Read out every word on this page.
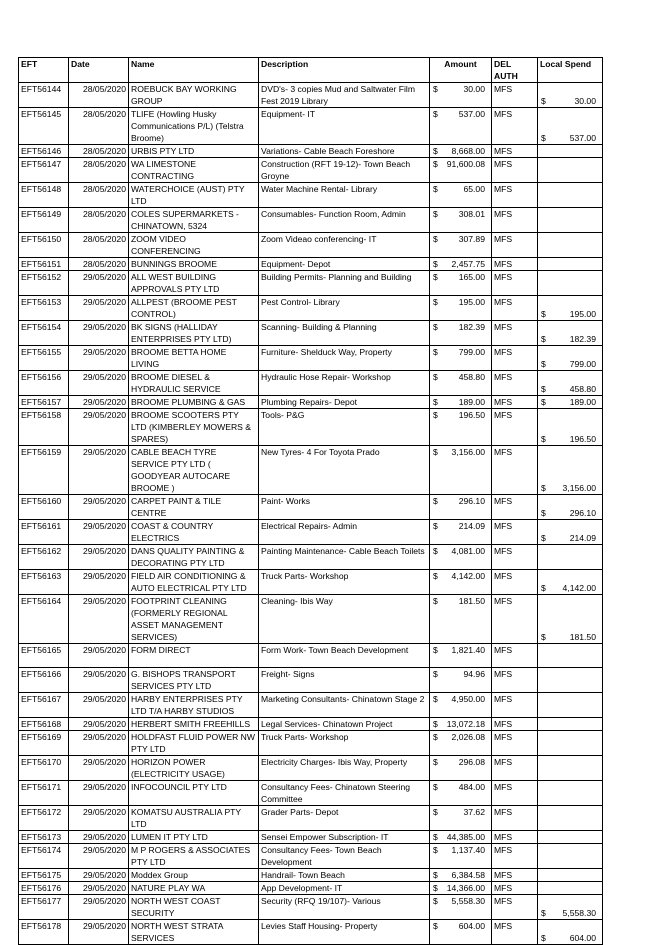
EFT	Date	Name	Description	Amount	DEL AUTH	Local Spend
EFT56144	28/05/2020	ROEBUCK BAY WORKING GROUP	DVD's- 3 copies Mud and Saltwater Film Fest 2019 Library	$ 30.00	MFS	$ 30.00

EFT56145	28/05/2020	TLIFE (Howling Husky Communications P/L) (Telstra Broome)	Equipment- IT	$ 537.00	MFS	$ 537.00

EFT56146	28/05/2020	URBIS PTY LTD	Variations- Cable Beach Foreshore	$ 8,668.00	MFS	
EFT56147	28/05/2020	WA LIMESTONE CONTRACTING	Construction (RFT 19-12)- Town Beach Groyne	$ 91,600.08	MFS	
EFT56148	28/05/2020	WATERCHOICE (AUST) PTY LTD	Water Machine Rental- Library	$ 65.00	MFS	
EFT56149	28/05/2020	COLES SUPERMARKETS - CHINATOWN, 5324	Consumables- Function Room, Admin	$ 308.01	MFS	
EFT56150	28/05/2020	ZOOM VIDEO CONFERENCING	Zoom Videao conferencing- IT	$ 307.89	MFS	
EFT56151	28/05/2020	BUNNINGS BROOME	Equipment- Depot	$ 2,457.75	MFS	
EFT56152	29/05/2020	ALL WEST BUILDING APPROVALS PTY LTD	Building Permits- Planning and Building	$ 165.00	MFS	
EFT56153	29/05/2020	ALLPEST (BROOME PEST CONTROL)	Pest Control- Library	$ 195.00	MFS	$ 195.00

EFT56154	29/05/2020	BK SIGNS (HALLIDAY ENTERPRISES PTY LTD)	Scanning- Building & Planning	$ 182.39	MFS	$ 182.39

EFT56155	29/05/2020	BROOME BETTA HOME LIVING	Furniture- Shelduck Way, Property	$ 799.00	MFS	$ 799.00

EFT56156	29/05/2020	BROOME DIESEL & HYDRAULIC SERVICE	Hydraulic Hose Repair- Workshop	$ 458.80	MFS	$ 458.80

EFT56157	29/05/2020	BROOME PLUMBING & GAS	Plumbing Repairs- Depot	$ 189.00	MFS	$ 189.00

EFT56158	29/05/2020	BROOME SCOOTERS PTY LTD (KIMBERLEY MOWERS & SPARES)	Tools- P&G	$ 196.50	MFS	$ 196.50

EFT56159	29/05/2020	CABLE BEACH TYRE SERVICE PTY LTD ( GOODYEAR AUTOCARE BROOME )	New Tyres- 4 For Toyota Prado	$ 3,156.00	MFS	$ 3,156.00

EFT56160	29/05/2020	CARPET PAINT & TILE CENTRE	Paint- Works	$ 296.10	MFS	$ 296.10

EFT56161	29/05/2020	COAST & COUNTRY ELECTRICS	Electrical Repairs- Admin	$ 214.09	MFS	$ 214.09

EFT56162	29/05/2020	DANS QUALITY PAINTING & DECORATING PTY LTD	Painting Maintenance- Cable Beach Toilets	$ 4,081.00	MFS	
EFT56163	29/05/2020	FIELD AIR CONDITIONING & AUTO ELECTRICAL PTY LTD	Truck Parts- Workshop	$ 4,142.00	MFS	$ 4,142.00

EFT56164	29/05/2020	FOOTPRINT CLEANING (FORMERLY REGIONAL ASSET MANAGEMENT SERVICES)	Cleaning- Ibis Way	$ 181.50	MFS	$ 181.50

EFT56165	29/05/2020	FORM DIRECT	Form Work- Town Beach Development	$ 1,821.40	MFS	
EFT56166	29/05/2020	G. BISHOPS TRANSPORT SERVICES PTY LTD	Freight- Signs	$ 94.96	MFS	
EFT56167	29/05/2020	HARBY ENTERPRISES PTY LTD T/A HARBY STUDIOS	Marketing Consultants- Chinatown Stage 2	$ 4,950.00	MFS	
EFT56168	29/05/2020	HERBERT SMITH FREEHILLS	Legal Services- Chinatown Project	$ 13,072.18	MFS	
EFT56169	29/05/2020	HOLDFAST FLUID POWER NW PTY LTD	Truck Parts- Workshop	$ 2,026.08	MFS	
EFT56170	29/05/2020	HORIZON POWER (ELECTRICITY USAGE)	Electricity Charges- Ibis Way, Property	$ 296.08	MFS	
EFT56171	29/05/2020	INFOCOUNCIL PTY LTD	Consultancy Fees- Chinatown Steering Committee	$ 484.00	MFS	
EFT56172	29/05/2020	KOMATSU AUSTRALIA PTY LTD	Grader Parts- Depot	$ 37.62	MFS	
EFT56173	29/05/2020	LUMEN IT PTY LTD	Sensei Empower Subscription- IT	$ 44,385.00	MFS	
EFT56174	29/05/2020	M P ROGERS & ASSOCIATES PTY LTD	Consultancy Fees- Town Beach Development	$ 1,137.40	MFS	
EFT56175	29/05/2020	Moddex Group	Handrail- Town Beach	$ 6,384.58	MFS	
EFT56176	29/05/2020	NATURE PLAY WA	App Development- IT	$ 14,366.00	MFS	
EFT56177	29/05/2020	NORTH WEST COAST SECURITY	Security (RFQ 19/107)- Various	$ 5,558.30	MFS	$ 5,558.30

EFT56178	29/05/2020	NORTH WEST STRATA SERVICES	Levies Staff Housing- Property	$ 604.00	MFS	$ 604.00
